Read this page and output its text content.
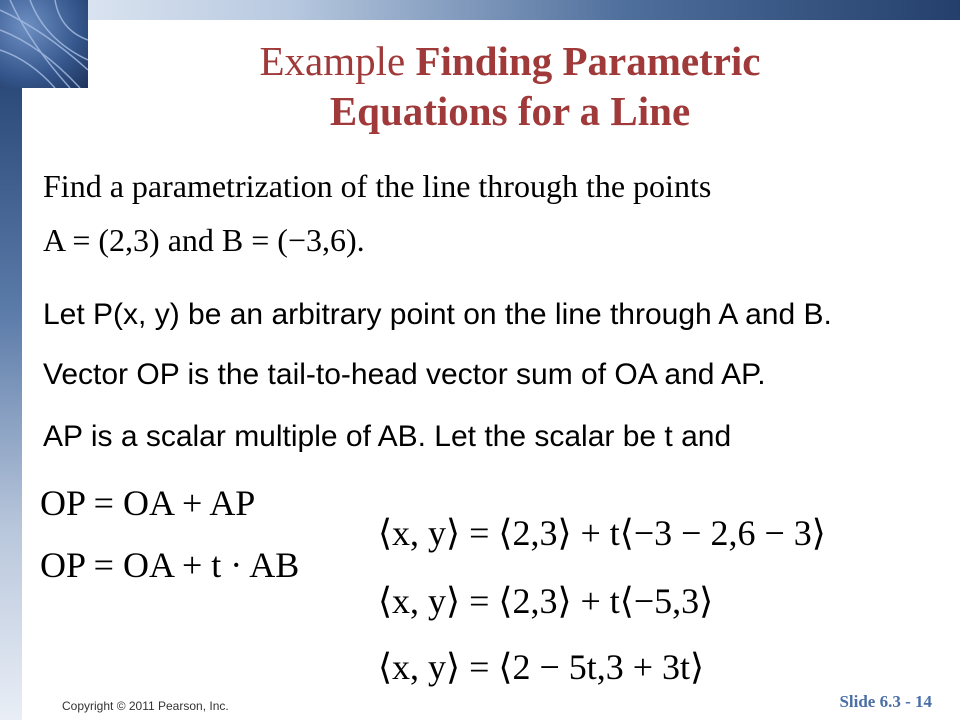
Example Finding Parametric
Equations for a Line
Find a parametrization of the line through the points
A = (2,3) and B = (−3,6).
Let P(x, y) be an arbitrary point on the line through A and B.
Vector OP is the tail-to-head vector sum of OA and AP.
AP is a scalar multiple of AB. Let the scalar be t and
OP = OA + AP
OP = OA + t · AB
⟨x, y⟩ = ⟨2,3⟩ + t⟨−3 − 2,6 − 3⟩
⟨x, y⟩ = ⟨2,3⟩ + t⟨−5,3⟩
⟨x, y⟩ = ⟨2 − 5t,3 + 3t⟩
Copyright © 2011 Pearson, Inc.	Slide 6.3 - 14
